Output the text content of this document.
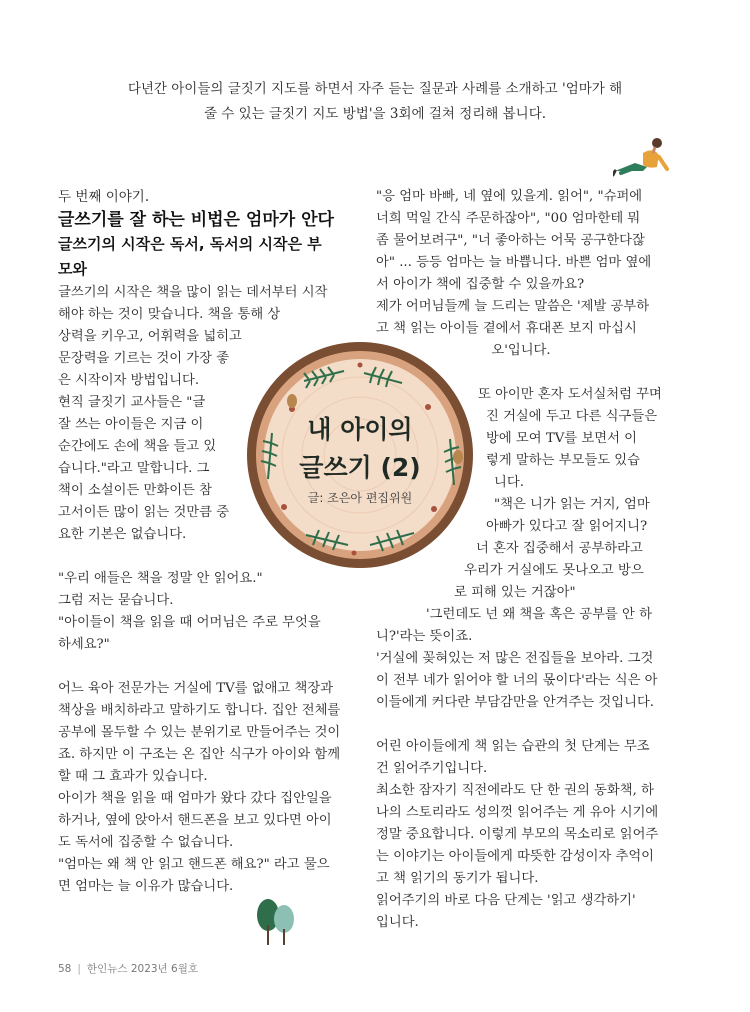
다년간 아이들의 글짓기 지도를 하면서 자주 듣는 질문과 사례를 소개하고 '엄마가 해
줄 수 있는 글짓기 지도 방법'을 3회에 걸쳐 정리해 봅니다.

두 번째 이야기.

글쓰기를 잘 하는 비법은 엄마가 안다

글쓰기의 시작은 독서, 독서의 시작은 부
모와

글쓰기의 시작은 책을 많이 읽는 데서부터 시작

해야 하는 것이 맞습니다. 책을 통해 상

상력을 키우고, 어휘력을 넓히고

문장력을 기르는 것이 가장 좋

은 시작이자 방법입니다.

현직 글짓기 교사들은 "글

잘 쓰는 아이들은 지금 이

순간에도 손에 책을 들고 있

습니다."라고 말합니다. 그

책이 소설이든 만화이든 참

고서이든 많이 읽는 것만큼 중

요한 기본은 없습니다.

"우리 애들은 책을 정말 안 읽어요."

그럼 저는 묻습니다.

"아이들이 책을 읽을 때 어머님은 주로 무엇을

하세요?"

어느 육아 전문가는 거실에 TV를 없애고 책장과

책상을 배치하라고 말하기도 합니다. 집안 전체를

공부에 몰두할 수 있는 분위기로 만들어주는 것이

죠. 하지만 이 구조는 온 집안 식구가 아이와 함께

할 때 그 효과가 있습니다.

아이가 책을 읽을 때 엄마가 왔다 갔다 집안일을

하거나, 옆에 앉아서 핸드폰을 보고 있다면 아이

도 독서에 집중할 수 없습니다.

"엄마는 왜 책 안 읽고 핸드폰 해요?" 라고 물으

면 엄마는 늘 이유가 많습니다.

"응 엄마 바빠, 네 옆에 있을게. 읽어", "슈퍼에

너희 먹일 간식 주문하잖아", "00 엄마한테 뭐

좀 물어보려구", "너 좋아하는 어묵 공구한다잖

아" ... 등등 엄마는 늘 바쁩니다. 바쁜 엄마 옆에

서 아이가 책에 집중할 수 있을까요?

제가 어머님들께 늘 드리는 말씀은 '제발 공부하

고 책 읽는 아이들 곁에서 휴대폰 보지 마십시

오'입니다.

또 아이만 혼자 도서실처럼 꾸며

진 거실에 두고 다른 식구들은

방에 모여 TV를 보면서 이

렇게 말하는 부모들도 있습

니다.

"책은 니가 읽는 거지, 엄마

아빠가 있다고 잘 읽어지니?

너 혼자 집중해서 공부하라고

우리가 거실에도 못나오고 방으

로 피해 있는 거잖아"

'그런데도 넌 왜 책을 혹은 공부를 안 하

니?'라는 뜻이죠.

'거실에 꽂혀있는 저 많은 전집들을 보아라. 그것

이 전부 네가 읽어야 할 너의 몫이다'라는 식은 아

이들에게 커다란 부담감만을 안겨주는 것입니다.

어린 아이들에게 책 읽는 습관의 첫 단계는 무조

건 읽어주기입니다.

최소한 잠자기 직전에라도 단 한 권의 동화책, 하

나의 스토리라도 성의껏 읽어주는 게 유아 시기에

정말 중요합니다. 이렇게 부모의 목소리로 읽어주

는 이야기는 아이들에게 따뜻한 감성이자 추억이

고 책 읽기의 동기가 됩니다.

읽어주기의 바로 다음 단계는 '읽고 생각하기'

입니다.

내 아이의
글쓰기 (2)
글: 조은아 편집위원
58 | 한인뉴스 2023년 6월호
